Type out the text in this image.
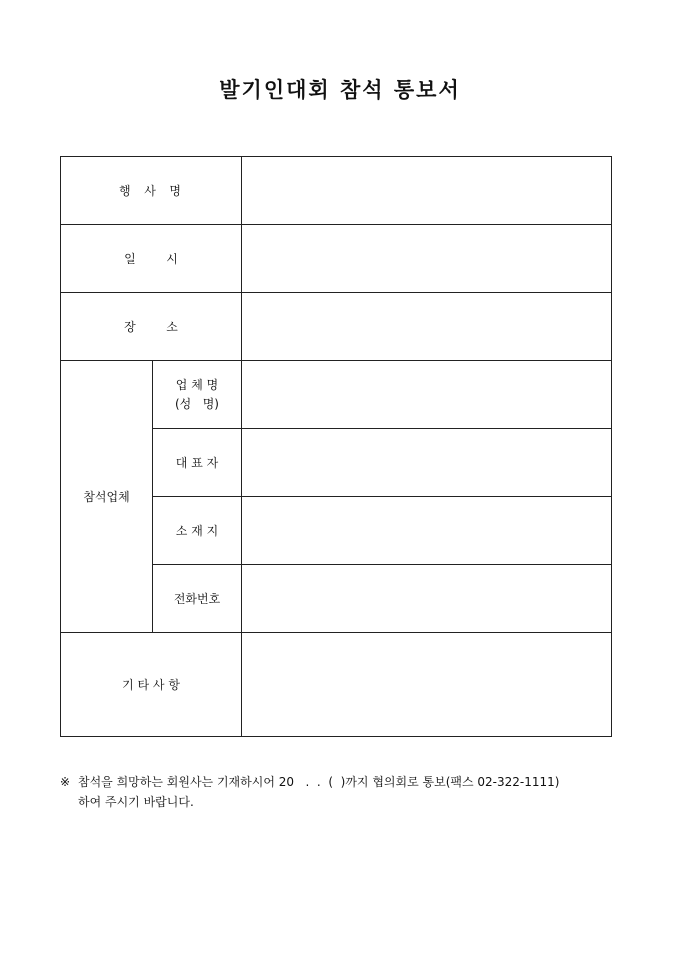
발기인대회 참석 통보서
행  사  명		
일        시		
장        소		
참석업체	업 체 명
(성   명)	

	대 표 자	
	소 재 지	
	전화번호	
기 타 사 항		
※ 참석을 희망하는 회원사는 기재하시어 20   .  .  (  )까지 협의회로 통보(팩스 02-322-1111)
하여 주시기 바랍니다.
